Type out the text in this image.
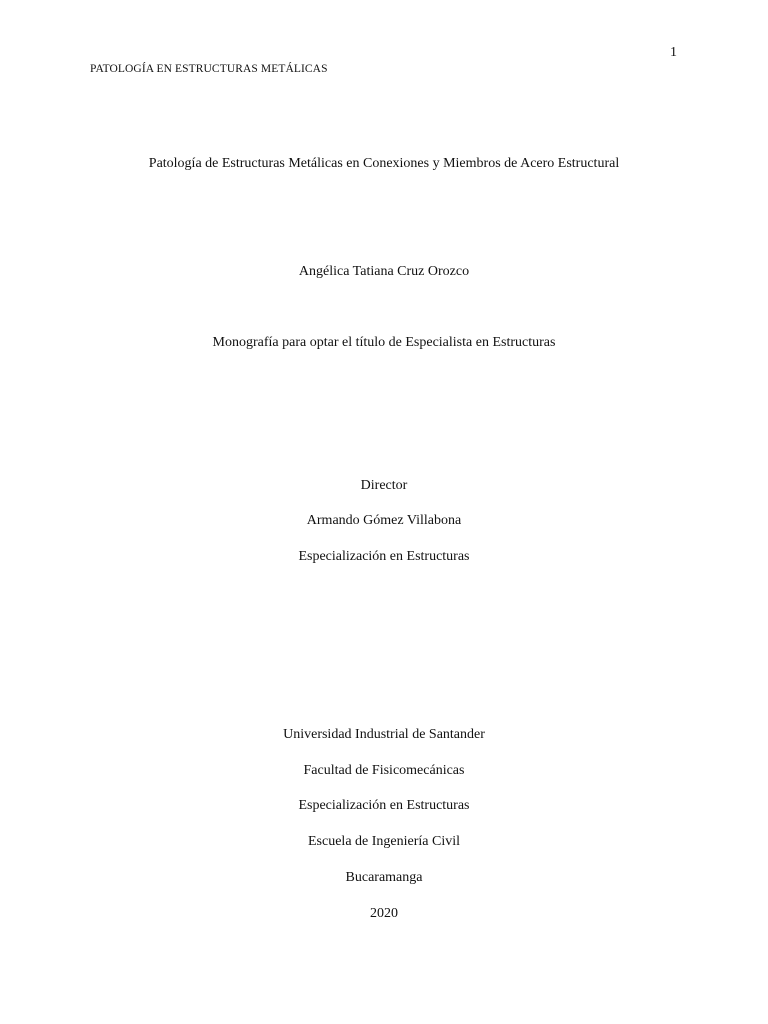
PATOLOGÍA EN ESTRUCTURAS METÁLICAS
1
Patología de Estructuras Metálicas en Conexiones y Miembros de Acero Estructural
Angélica Tatiana Cruz Orozco
Monografía para optar el título de Especialista en Estructuras
Director
Armando Gómez Villabona
Especialización en Estructuras
Universidad Industrial de Santander
Facultad de Fisicomecánicas
Especialización en Estructuras
Escuela de Ingeniería Civil
Bucaramanga
2020
